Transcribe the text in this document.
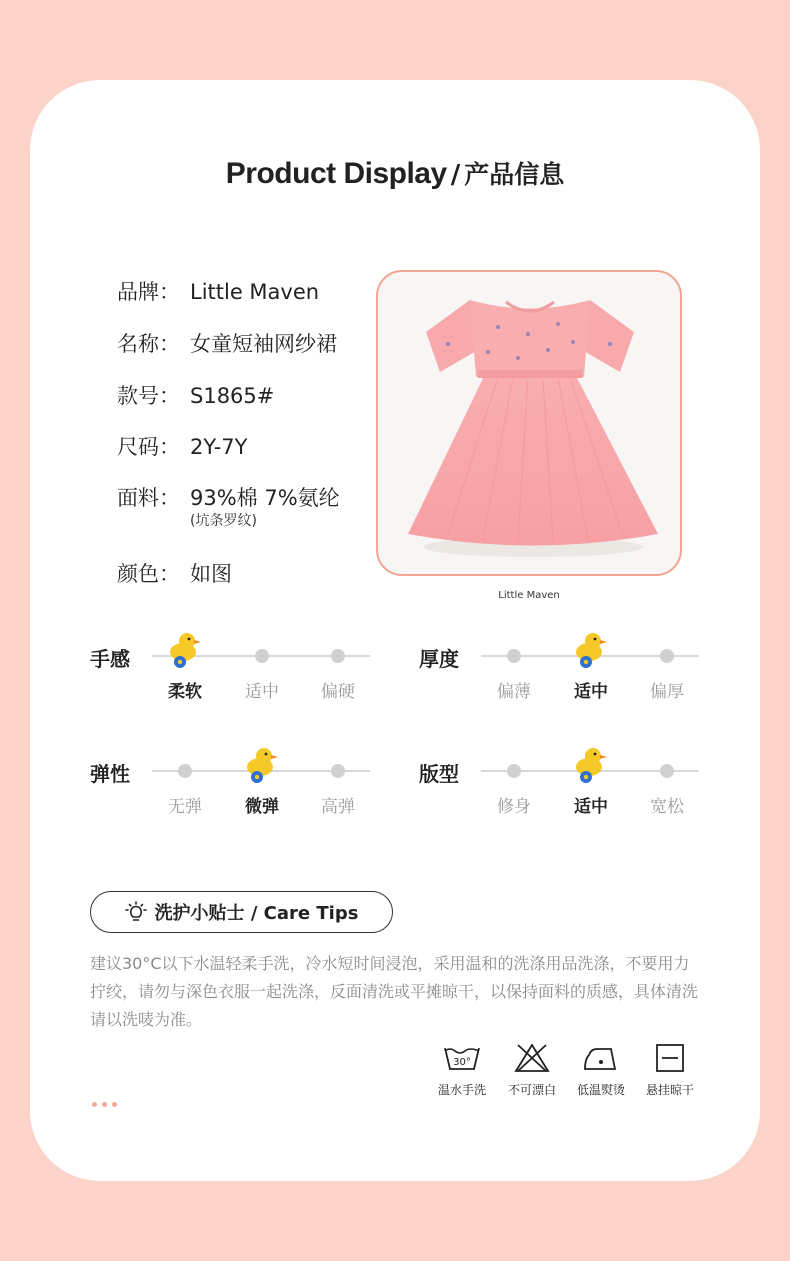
Product Display / 产品信息
品牌： Little Maven
名称： 女童短袖网纱裙
款号： S1865#
尺码： 2Y-7Y
面料： 93%棉 7%氨纶
(坑条罗纹)
颜色： 如图
Little Maven
手感
柔软	适中	偏硬
厚度
偏薄	适中	偏厚
弹性
无弹	微弹	高弹
版型
修身	适中	宽松
洗护小贴士 / Care Tips
建议30°C以下水温轻柔手洗，冷水短时间浸泡，采用温和的洗涤用品洗涤，不要用力拧绞，请勿与深色衣服一起洗涤，反面清洗或平摊晾干，以保持面料的质感，具体清洗请以洗唛为准。
30°
温水手洗	不可漂白	低温熨烫	悬挂晾干
